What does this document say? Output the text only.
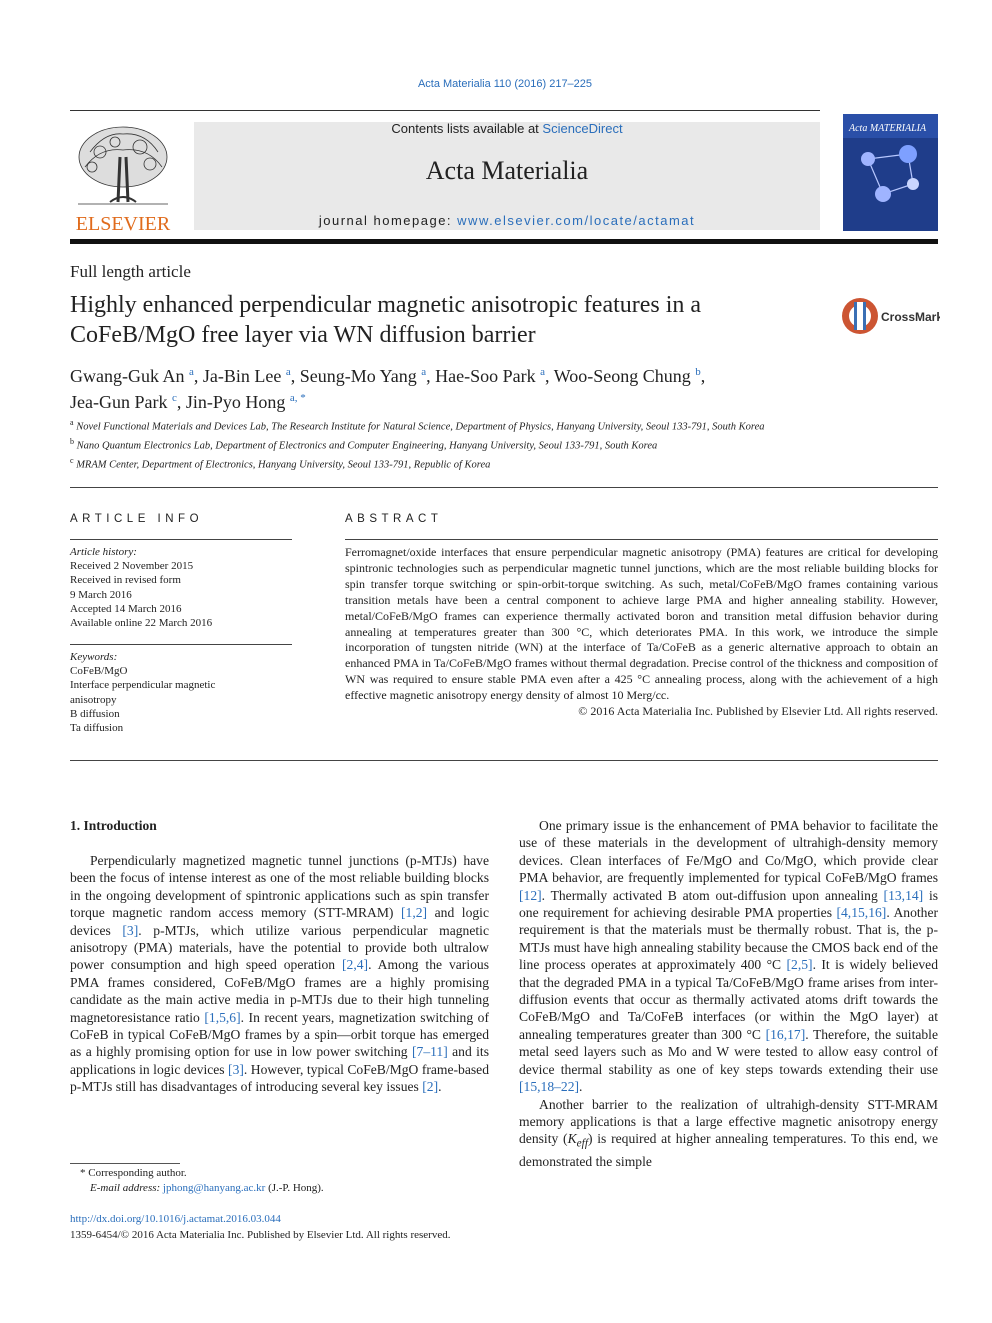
Acta Materialia 110 (2016) 217–225
ELSEVIER
Contents lists available at ScienceDirect
Acta Materialia
journal homepage: www.elsevier.com/locate/actamat
Acta MATERIALIA
Full length article
Highly enhanced perpendicular magnetic anisotropic features in a CoFeB/MgO free layer via WN diffusion barrier
CrossMark
Gwang-Guk An $^a$, Ja-Bin Lee $^a$, Seung-Mo Yang $^a$, Hae-Soo Park $^a$, Woo-Seong Chung $^b$,
Jea-Gun Park $^c$, Jin-Pyo Hong $^{a, *}$
$^a$ Novel Functional Materials and Devices Lab, The Research Institute for Natural Science, Department of Physics, Hanyang University, Seoul 133-791, South Korea
$^b$ Nano Quantum Electronics Lab, Department of Electronics and Computer Engineering, Hanyang University, Seoul 133-791, South Korea
$^c$ MRAM Center, Department of Electronics, Hanyang University, Seoul 133-791, Republic of Korea
ARTICLE INFO	ABSTRACT
Article history:
Received 2 November 2015
Received in revised form
9 March 2016
Accepted 14 March 2016
Available online 22 March 2016
Keywords:
CoFeB/MgO
Interface perpendicular magnetic
anisotropy
B diffusion
Ta diffusion
Ferromagnet/oxide interfaces that ensure perpendicular magnetic anisotropy (PMA) features are critical for developing spintronic technologies such as perpendicular magnetic tunnel junctions, which are the most reliable building blocks for spin transfer torque switching or spin-orbit-torque switching. As such, metal/CoFeB/MgO frames containing various transition metals have been a central component to achieve large PMA and higher annealing stability. However, metal/CoFeB/MgO frames can experience thermally activated boron and transition metal diffusion behavior during annealing at temperatures greater than 300 °C, which deteriorates PMA. In this work, we introduce the simple incorporation of tungsten nitride (WN) at the interface of Ta/CoFeB as a generic alternative approach to obtain an enhanced PMA in Ta/CoFeB/MgO frames without thermal degradation. Precise control of the thickness and composition of WN was required to ensure stable PMA even after a 425 °C annealing process, along with the achievement of a high effective magnetic anisotropy energy density of almost 10 Merg/cc.
© 2016 Acta Materialia Inc. Published by Elsevier Ltd. All rights reserved.
1. Introduction

Perpendicularly magnetized magnetic tunnel junctions (p-MTJs) have been the focus of intense interest as one of the most reliable building blocks in the ongoing development of spintronic applications such as spin transfer torque magnetic random access memory (STT-MRAM) [1,2] and logic devices [3]. p-MTJs, which utilize various perpendicular magnetic anisotropy (PMA) materials, have the potential to provide both ultralow power consumption and high speed operation [2,4]. Among the various PMA frames considered, CoFeB/MgO frames are a highly promising candidate as the main active media in p-MTJs due to their high tunneling magnetoresistance ratio [1,5,6]. In recent years, magnetization switching of CoFeB in typical CoFeB/MgO frames by a spin—orbit torque has emerged as a highly promising option for use in low power switching [7–11] and its applications in logic devices [3]. However, typical CoFeB/MgO frame-based p-MTJs still has disadvantages of introducing several key issues [2].

One primary issue is the enhancement of PMA behavior to facilitate the use of these materials in the development of ultrahigh-density memory devices. Clean interfaces of Fe/MgO and Co/MgO, which provide clear PMA behavior, are frequently implemented for typical CoFeB/MgO frames [12]. Thermally activated B atom out-diffusion upon annealing [13,14] is one requirement for achieving desirable PMA properties [4,15,16]. Another requirement is that the materials must be thermally robust. That is, the p-MTJs must have high annealing stability because the CMOS back end of the line process operates at approximately 400 °C [2,5]. It is widely believed that the degraded PMA in a typical Ta/CoFeB/MgO frame arises from inter-diffusion events that occur as thermally activated atoms drift towards the CoFeB/MgO and Ta/CoFeB interfaces (or within the MgO layer) at annealing temperatures greater than 300 °C [16,17]. Therefore, the suitable metal seed layers such as Mo and W were tested to allow easy control of device thermal stability as one of key steps towards extending their use [15,18–22].

Another barrier to the realization of ultrahigh-density STT-MRAM memory applications is that a large effective magnetic anisotropy energy density $(K_{eff})$ is required at higher annealing temperatures. To this end, we demonstrated the simple

* Corresponding author.
E-mail address: jphong@hanyang.ac.kr (J.-P. Hong).
http://dx.doi.org/10.1016/j.actamat.2016.03.044
1359-6454/© 2016 Acta Materialia Inc. Published by Elsevier Ltd. All rights reserved.
